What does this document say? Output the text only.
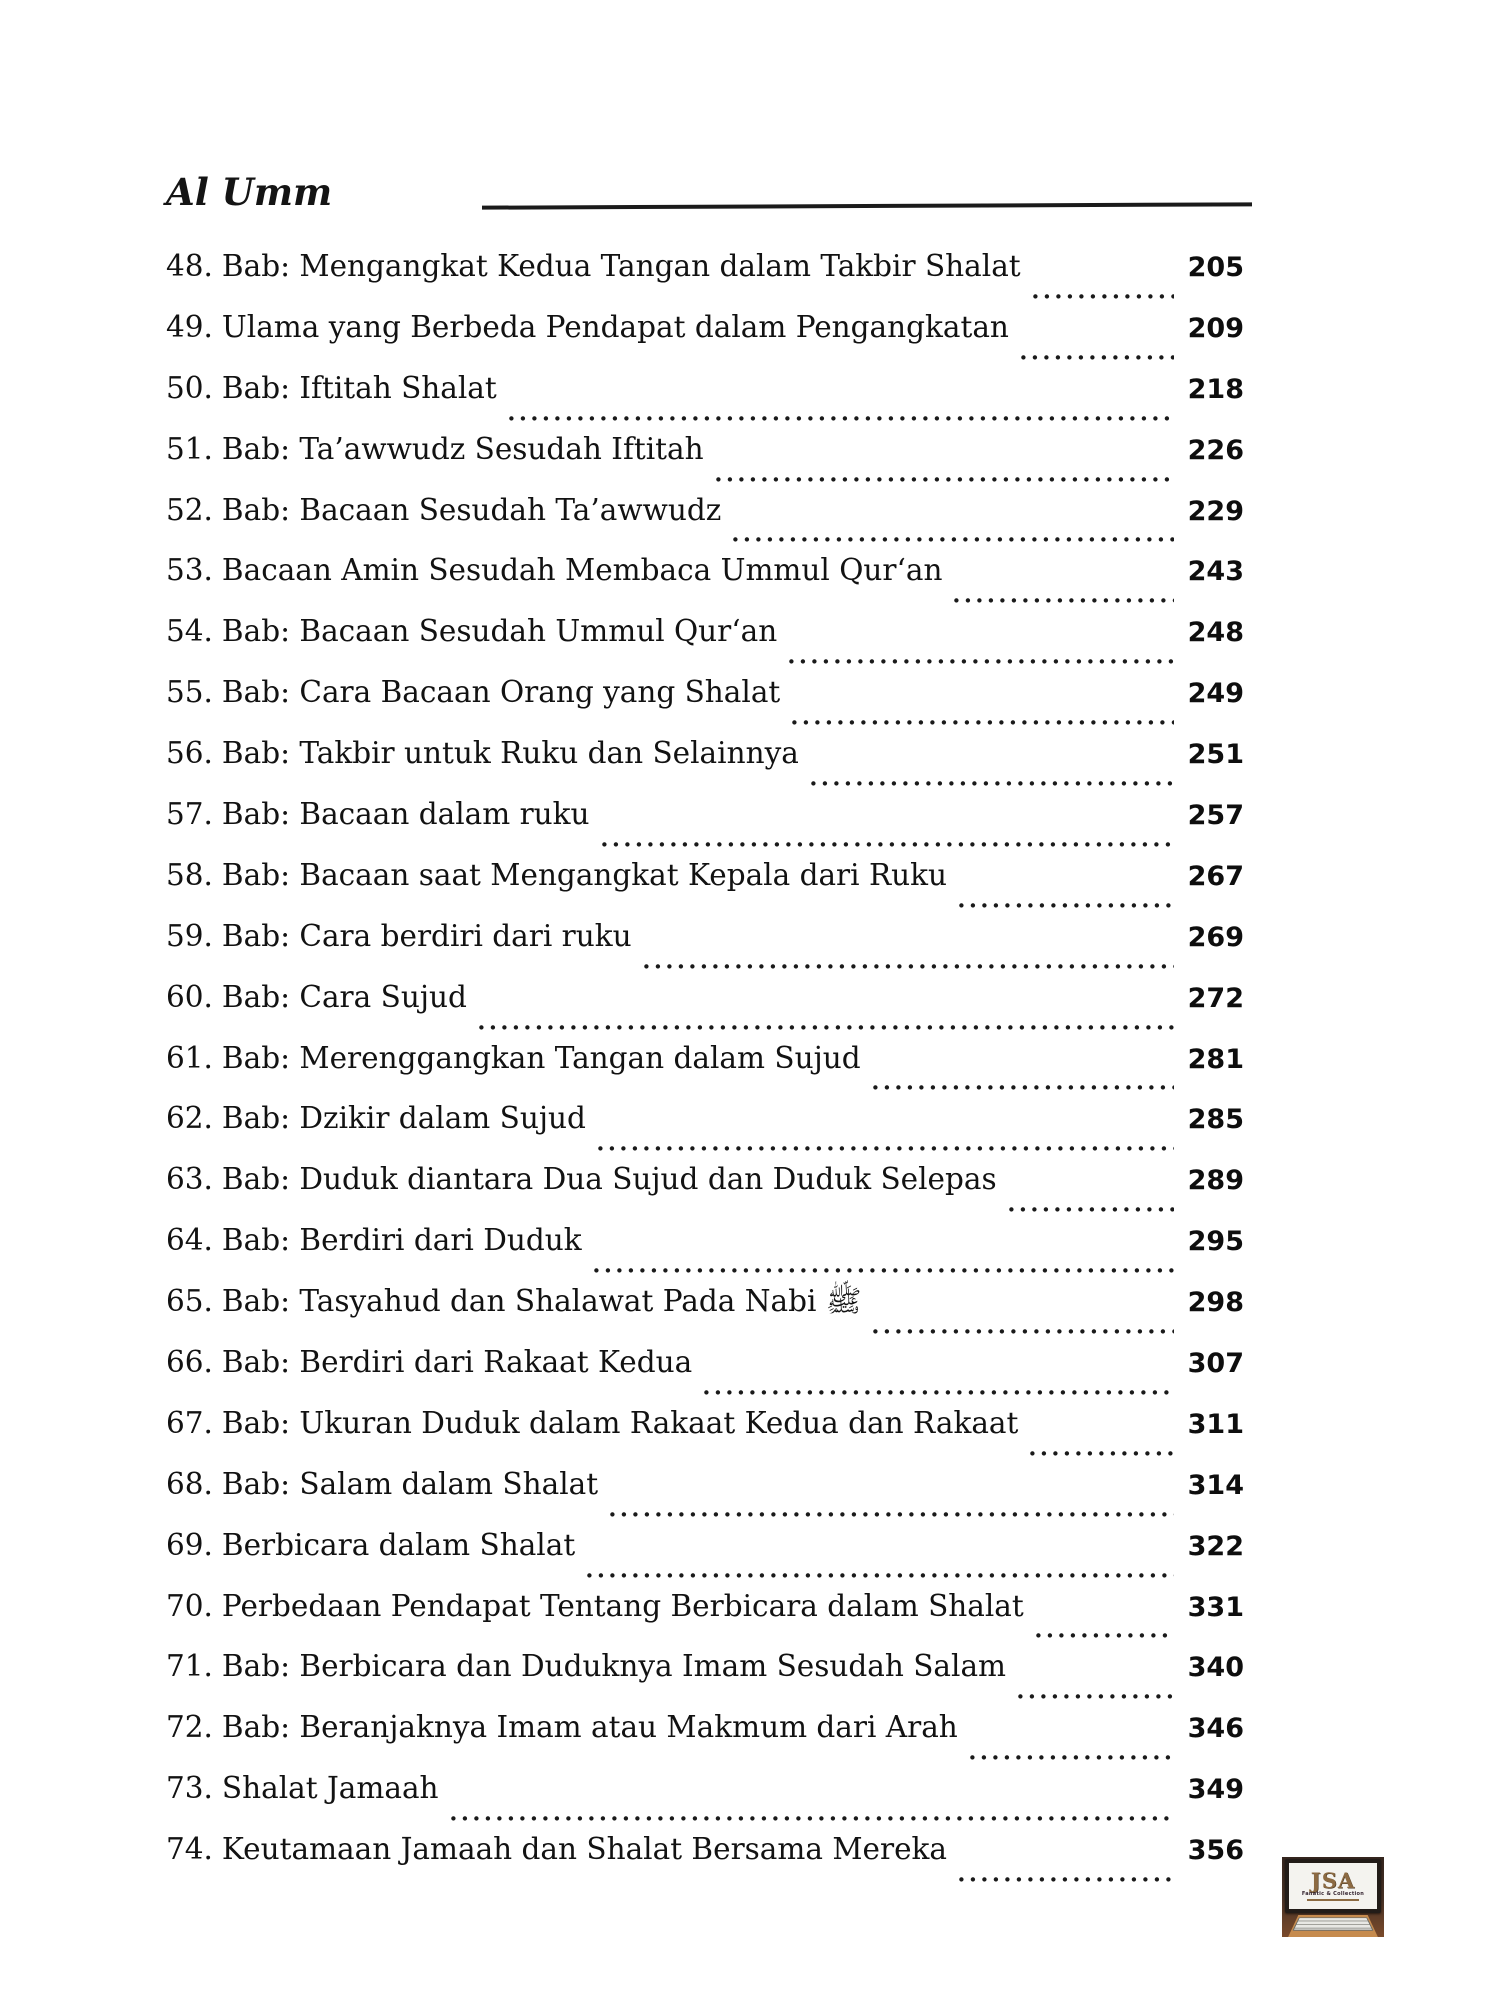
Al Umm
48. Bab: Mengangkat Kedua Tangan dalam Takbir Shalat	205
49. Ulama yang Berbeda Pendapat dalam Pengangkatan	209
50. Bab: Iftitah Shalat	218
51. Bab: Ta’awwudz Sesudah Iftitah	226
52. Bab: Bacaan Sesudah Ta’awwudz	229
53. Bacaan Amin Sesudah Membaca Ummul Qur‘an	243
54. Bab: Bacaan Sesudah Ummul Qur‘an	248
55. Bab: Cara Bacaan Orang yang Shalat	249
56. Bab: Takbir untuk Ruku dan Selainnya	251
57. Bab: Bacaan dalam ruku	257
58. Bab: Bacaan saat Mengangkat Kepala dari Ruku	267
59. Bab: Cara berdiri dari ruku	269
60. Bab: Cara Sujud	272
61. Bab: Merenggangkan Tangan dalam Sujud	281
62. Bab: Dzikir dalam Sujud	285
63. Bab: Duduk diantara Dua Sujud dan Duduk Selepas	289
64. Bab: Berdiri dari Duduk	295
65. Bab: Tasyahud dan Shalawat Pada Nabi ﷺ	298
66. Bab: Berdiri dari Rakaat Kedua	307
67. Bab: Ukuran Duduk dalam Rakaat Kedua dan Rakaat	311
68. Bab: Salam dalam Shalat	314
69. Berbicara dalam Shalat	322
70. Perbedaan Pendapat Tentang Berbicara dalam Shalat	331
71. Bab: Berbicara dan Duduknya Imam Sesudah Salam	340
72. Bab: Beranjaknya Imam atau Makmum dari Arah	346
73. Shalat Jamaah	349
74. Keutamaan Jamaah dan Shalat Bersama Mereka	356
JSA
Fanatic & Collection
